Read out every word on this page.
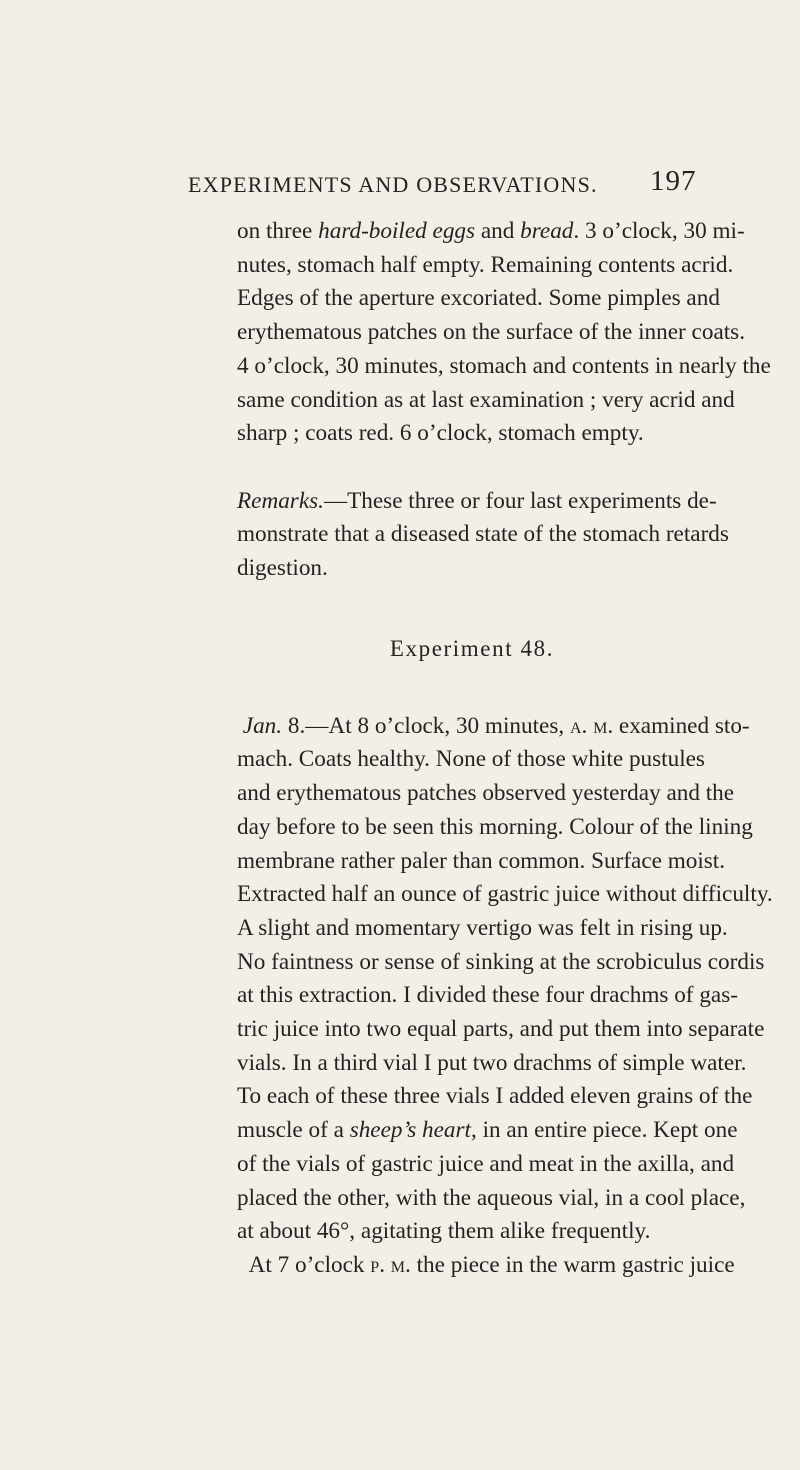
EXPERIMENTS AND OBSERVATIONS. 197
on three hard-boiled eggs and bread. 3 o’clock, 30 mi-
nutes, stomach half empty. Remaining contents acrid.
Edges of the aperture excoriated. Some pimples and
erythematous patches on the surface of the inner coats.
4 o’clock, 30 minutes, stomach and contents in nearly the
same condition as at last examination ; very acrid and
sharp ; coats red. 6 o’clock, stomach empty.
Remarks.—These three or four last experiments de-
monstrate that a diseased state of the stomach retards
digestion.
Experiment 48.
Jan. 8.—At 8 o’clock, 30 minutes, a. m. examined sto-
mach. Coats healthy. None of those white pustules
and erythematous patches observed yesterday and the
day before to be seen this morning. Colour of the lining
membrane rather paler than common. Surface moist.
Extracted half an ounce of gastric juice without difficulty.
A slight and momentary vertigo was felt in rising up.
No faintness or sense of sinking at the scrobiculus cordis
at this extraction. I divided these four drachms of gas-
tric juice into two equal parts, and put them into separate
vials. In a third vial I put two drachms of simple water.
To each of these three vials I added eleven grains of the
muscle of a sheep’s heart, in an entire piece. Kept one
of the vials of gastric juice and meat in the axilla, and
placed the other, with the aqueous vial, in a cool place,
at about 46°, agitating them alike frequently.
At 7 o’clock p. m. the piece in the warm gastric juice
